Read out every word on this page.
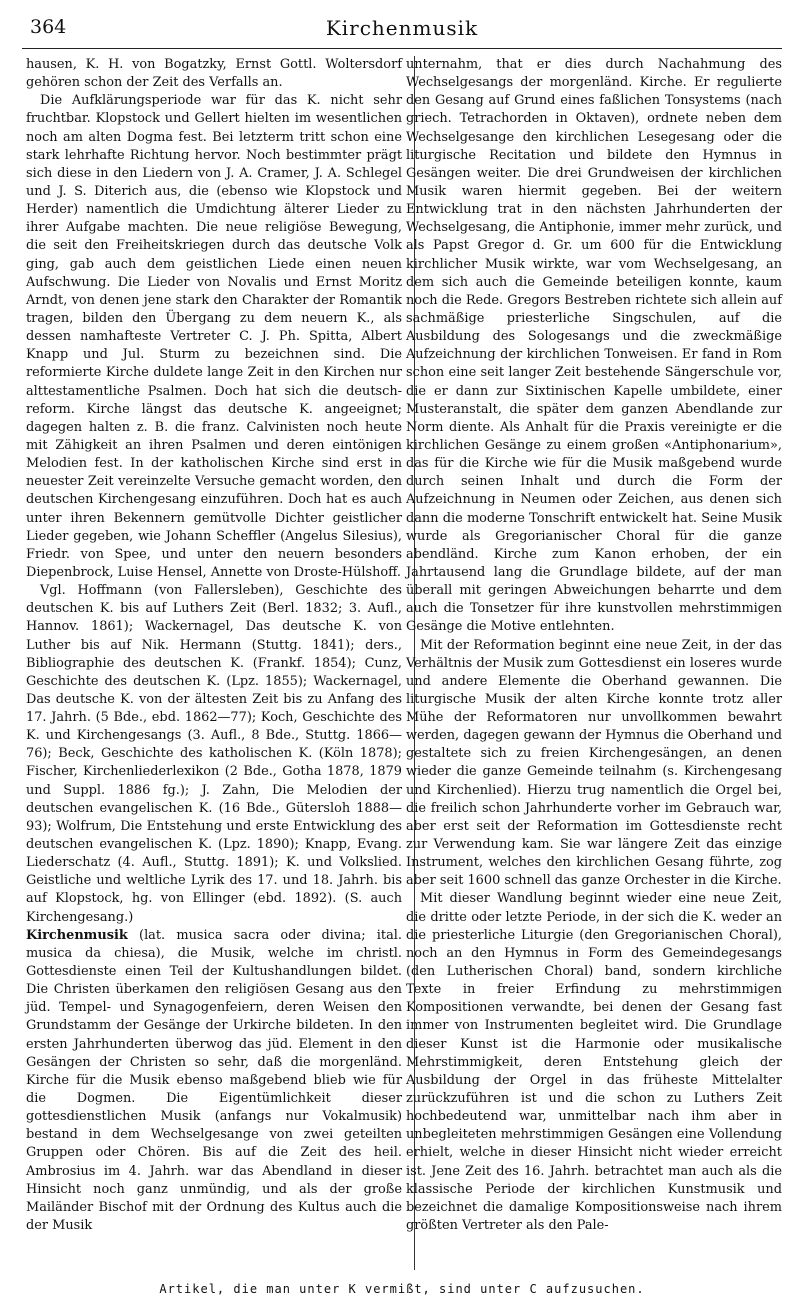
364	Kirchenmusik

hausen, K. H. von Bogatzky, Ernst Gottl. Woltersdorf gehören schon der Zeit des Verfalls an.

Die Aufklärungsperiode war für das K. nicht sehr fruchtbar. Klopstock und Gellert hielten im wesentlichen noch am alten Dogma fest. Bei letzterm tritt schon eine stark lehrhafte Richtung hervor. Noch bestimmter prägt sich diese in den Liedern von J. A. Cramer, J. A. Schlegel und J. S. Diterich aus, die (ebenso wie Klopstock und Herder) namentlich die Umdichtung älterer Lieder zu ihrer Aufgabe machten. Die neue religiöse Bewegung, die seit den Freiheitskriegen durch das deutsche Volk ging, gab auch dem geistlichen Liede einen neuen Aufschwung. Die Lieder von Novalis und Ernst Moritz Arndt, von denen jene stark den Charakter der Romantik tragen, bilden den Übergang zu dem neuern K., als dessen namhafteste Vertreter C. J. Ph. Spitta, Albert Knapp und Jul. Sturm zu bezeichnen sind. Die reformierte Kirche duldete lange Zeit in den Kirchen nur alttestamentliche Psalmen. Doch hat sich die deutsch-reform. Kirche längst das deutsche K. angeeignet; dagegen halten z. B. die franz. Calvinisten noch heute mit Zähigkeit an ihren Psalmen und deren eintönigen Melodien fest. In der katholischen Kirche sind erst in neuester Zeit vereinzelte Versuche gemacht worden, den deutschen Kirchengesang einzuführen. Doch hat es auch unter ihren Bekennern gemütvolle Dichter geistlicher Lieder gegeben, wie Johann Scheffler (Angelus Silesius), Friedr. von Spee, und unter den neuern besonders Diepenbrock, Luise Hensel, Annette von Droste-Hülshoff.

Vgl. Hoffmann (von Fallersleben), Geschichte des deutschen K. bis auf Luthers Zeit (Berl. 1832; 3. Aufl., Hannov. 1861); Wackernagel, Das deutsche K. von Luther bis auf Nik. Hermann (Stuttg. 1841); ders., Bibliographie des deutschen K. (Frankf. 1854); Cunz, Geschichte des deutschen K. (Lpz. 1855); Wackernagel, Das deutsche K. von der ältesten Zeit bis zu Anfang des 17. Jahrh. (5 Bde., ebd. 1862—77); Koch, Geschichte des K. und Kirchengesangs (3. Aufl., 8 Bde., Stuttg. 1866—76); Beck, Geschichte des katholischen K. (Köln 1878); Fischer, Kirchenliederlexikon (2 Bde., Gotha 1878, 1879 und Suppl. 1886 fg.); J. Zahn, Die Melodien der deutschen evangelischen K. (16 Bde., Gütersloh 1888—93); Wolfrum, Die Entstehung und erste Entwicklung des deutschen evangelischen K. (Lpz. 1890); Knapp, Evang. Liederschatz (4. Aufl., Stuttg. 1891); K. und Volkslied. Geistliche und weltliche Lyrik des 17. und 18. Jahrh. bis auf Klopstock, hg. von Ellinger (ebd. 1892). (S. auch Kirchengesang.)

Kirchenmusik (lat. musica sacra oder divina; ital. musica da chiesa), die Musik, welche im christl. Gottesdienste einen Teil der Kultushandlungen bildet. Die Christen überkamen den religiösen Gesang aus den jüd. Tempel- und Synagogenfeiern, deren Weisen den Grundstamm der Gesänge der Urkirche bildeten. In den ersten Jahrhunderten überwog das jüd. Element in den Gesängen der Christen so sehr, daß die morgenländ. Kirche für die Musik ebenso maßgebend blieb wie für die Dogmen. Die Eigentümlichkeit dieser gottesdienstlichen Musik (anfangs nur Vokalmusik) bestand in dem Wechselgesange von zwei geteilten Gruppen oder Chören. Bis auf die Zeit des heil. Ambrosius im 4. Jahrh. war das Abendland in dieser Hinsicht noch ganz unmündig, und als der große Mailänder Bischof mit der Ordnung des Kultus auch die der Musik

unternahm, that er dies durch Nachahmung des Wechselgesangs der morgenländ. Kirche. Er regulierte den Gesang auf Grund eines faßlichen Tonsystems (nach griech. Tetrachorden in Oktaven), ordnete neben dem Wechselgesange den kirchlichen Lesegesang oder die liturgische Recitation und bildete den Hymnus in Gesängen weiter. Die drei Grundweisen der kirchlichen Musik waren hiermit gegeben. Bei der weitern Entwicklung trat in den nächsten Jahrhunderten der Wechselgesang, die Antiphonie, immer mehr zurück, und als Papst Gregor d. Gr. um 600 für die Entwicklung kirchlicher Musik wirkte, war vom Wechselgesang, an dem sich auch die Gemeinde beteiligen konnte, kaum noch die Rede. Gregors Bestreben richtete sich allein auf sachmäßige priesterliche Singschulen, auf die Ausbildung des Sologesangs und die zweckmäßige Aufzeichnung der kirchlichen Tonweisen. Er fand in Rom schon eine seit langer Zeit bestehende Sängerschule vor, die er dann zur Sixtinischen Kapelle umbildete, einer Musteranstalt, die später dem ganzen Abendlande zur Norm diente. Als Anhalt für die Praxis vereinigte er die kirchlichen Gesänge zu einem großen «Antiphonarium», das für die Kirche wie für die Musik maßgebend wurde durch seinen Inhalt und durch die Form der Aufzeichnung in Neumen oder Zeichen, aus denen sich dann die moderne Tonschrift entwickelt hat. Seine Musik wurde als Gregorianischer Choral für die ganze abendländ. Kirche zum Kanon erhoben, der ein Jahrtausend lang die Grundlage bildete, auf der man überall mit geringen Abweichungen beharrte und dem auch die Tonsetzer für ihre kunstvollen mehrstimmigen Gesänge die Motive entlehnten.

Mit der Reformation beginnt eine neue Zeit, in der das Verhältnis der Musik zum Gottesdienst ein loseres wurde und andere Elemente die Oberhand gewannen. Die liturgische Musik der alten Kirche konnte trotz aller Mühe der Reformatoren nur unvollkommen bewahrt werden, dagegen gewann der Hymnus die Oberhand und gestaltete sich zu freien Kirchengesängen, an denen wieder die ganze Gemeinde teilnahm (s. Kirchengesang und Kirchenlied). Hierzu trug namentlich die Orgel bei, die freilich schon Jahrhunderte vorher im Gebrauch war, aber erst seit der Reformation im Gottesdienste recht zur Verwendung kam. Sie war längere Zeit das einzige Instrument, welches den kirchlichen Gesang führte, zog aber seit 1600 schnell das ganze Orchester in die Kirche.

Mit dieser Wandlung beginnt wieder eine neue Zeit, die dritte oder letzte Periode, in der sich die K. weder an die priesterliche Liturgie (den Gregorianischen Choral), noch an den Hymnus in Form des Gemeindegesangs (den Lutherischen Choral) band, sondern kirchliche Texte in freier Erfindung zu mehrstimmigen Kompositionen verwandte, bei denen der Gesang fast immer von Instrumenten begleitet wird. Die Grundlage dieser Kunst ist die Harmonie oder musikalische Mehrstimmigkeit, deren Entstehung gleich der Ausbildung der Orgel in das früheste Mittelalter zurückzuführen ist und die schon zu Luthers Zeit hochbedeutend war, unmittelbar nach ihm aber in unbegleiteten mehrstimmigen Gesängen eine Vollendung erhielt, welche in dieser Hinsicht nicht wieder erreicht ist. Jene Zeit des 16. Jahrh. betrachtet man auch als die klassische Periode der kirchlichen Kunstmusik und bezeichnet die damalige Kompositionsweise nach ihrem größten Vertreter als den Pale-

Artikel, die man unter K vermißt, sind unter C aufzusuchen.
